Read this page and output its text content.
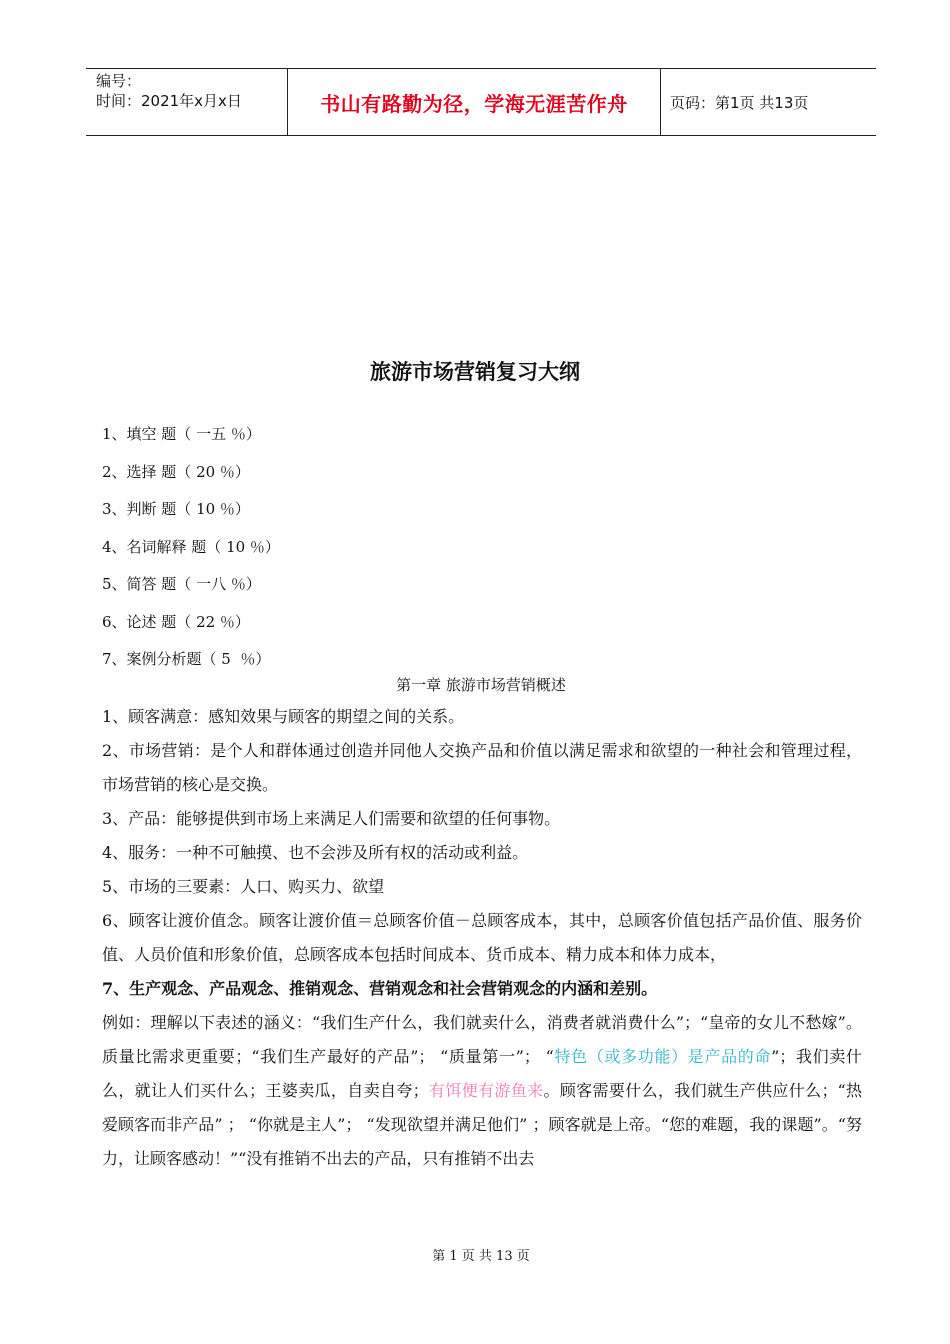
编号：
时间：2021年x月x日	书山有路勤为径，学海无涯苦作舟	页码：第1页 共13页
旅游市场营销复习大纲
1、填空 题（ 一五 ％）
2、选择 题（ 20 ％）
3、判断 题（ 10 ％）
4、名词解释 题（ 10 ％）
5、简答 题（ 一八 ％）
6、论述 题（ 22 ％）
7、案例分析题（ 5  ％）
第一章 旅游市场营销概述

1、顾客满意：感知效果与顾客的期望之间的关系。

2、市场营销：是个人和群体通过创造并同他人交换产品和价值以满足需求和欲望的一种社会和管理过程，市场营销的核心是交换。

3、产品：能够提供到市场上来满足人们需要和欲望的任何事物。

4、服务：一种不可触摸、也不会涉及所有权的活动或利益。

5、市场的三要素：人口、购买力、欲望

6、顾客让渡价值念。顾客让渡价值＝总顾客价值－总顾客成本，其中，总顾客价值包括产品价值、服务价值、人员价值和形象价值，总顾客成本包括时间成本、货币成本、精力成本和体力成本，

7、生产观念、产品观念、推销观念、营销观念和社会营销观念的内涵和差别。

例如：理解以下表述的涵义：“我们生产什么，我们就卖什么，消费者就消费什么”；“皇帝的女儿不愁嫁”。质量比需求更重要；“我们生产最好的产品”； “质量第一”； “特色（或多功能）是产品的命”；我们卖什么，就让人们买什么；王婆卖瓜，自卖自夸；有饵便有游鱼来。顾客需要什么，我们就生产供应什么；“热爱顾客而非产品” ； “你就是主人”； “发现欲望并满足他们” ；顾客就是上帝。“您的难题，我的课题”。“努力，让顾客感动！”“没有推销不出去的产品，只有推销不出去

第 1 页 共 13 页
